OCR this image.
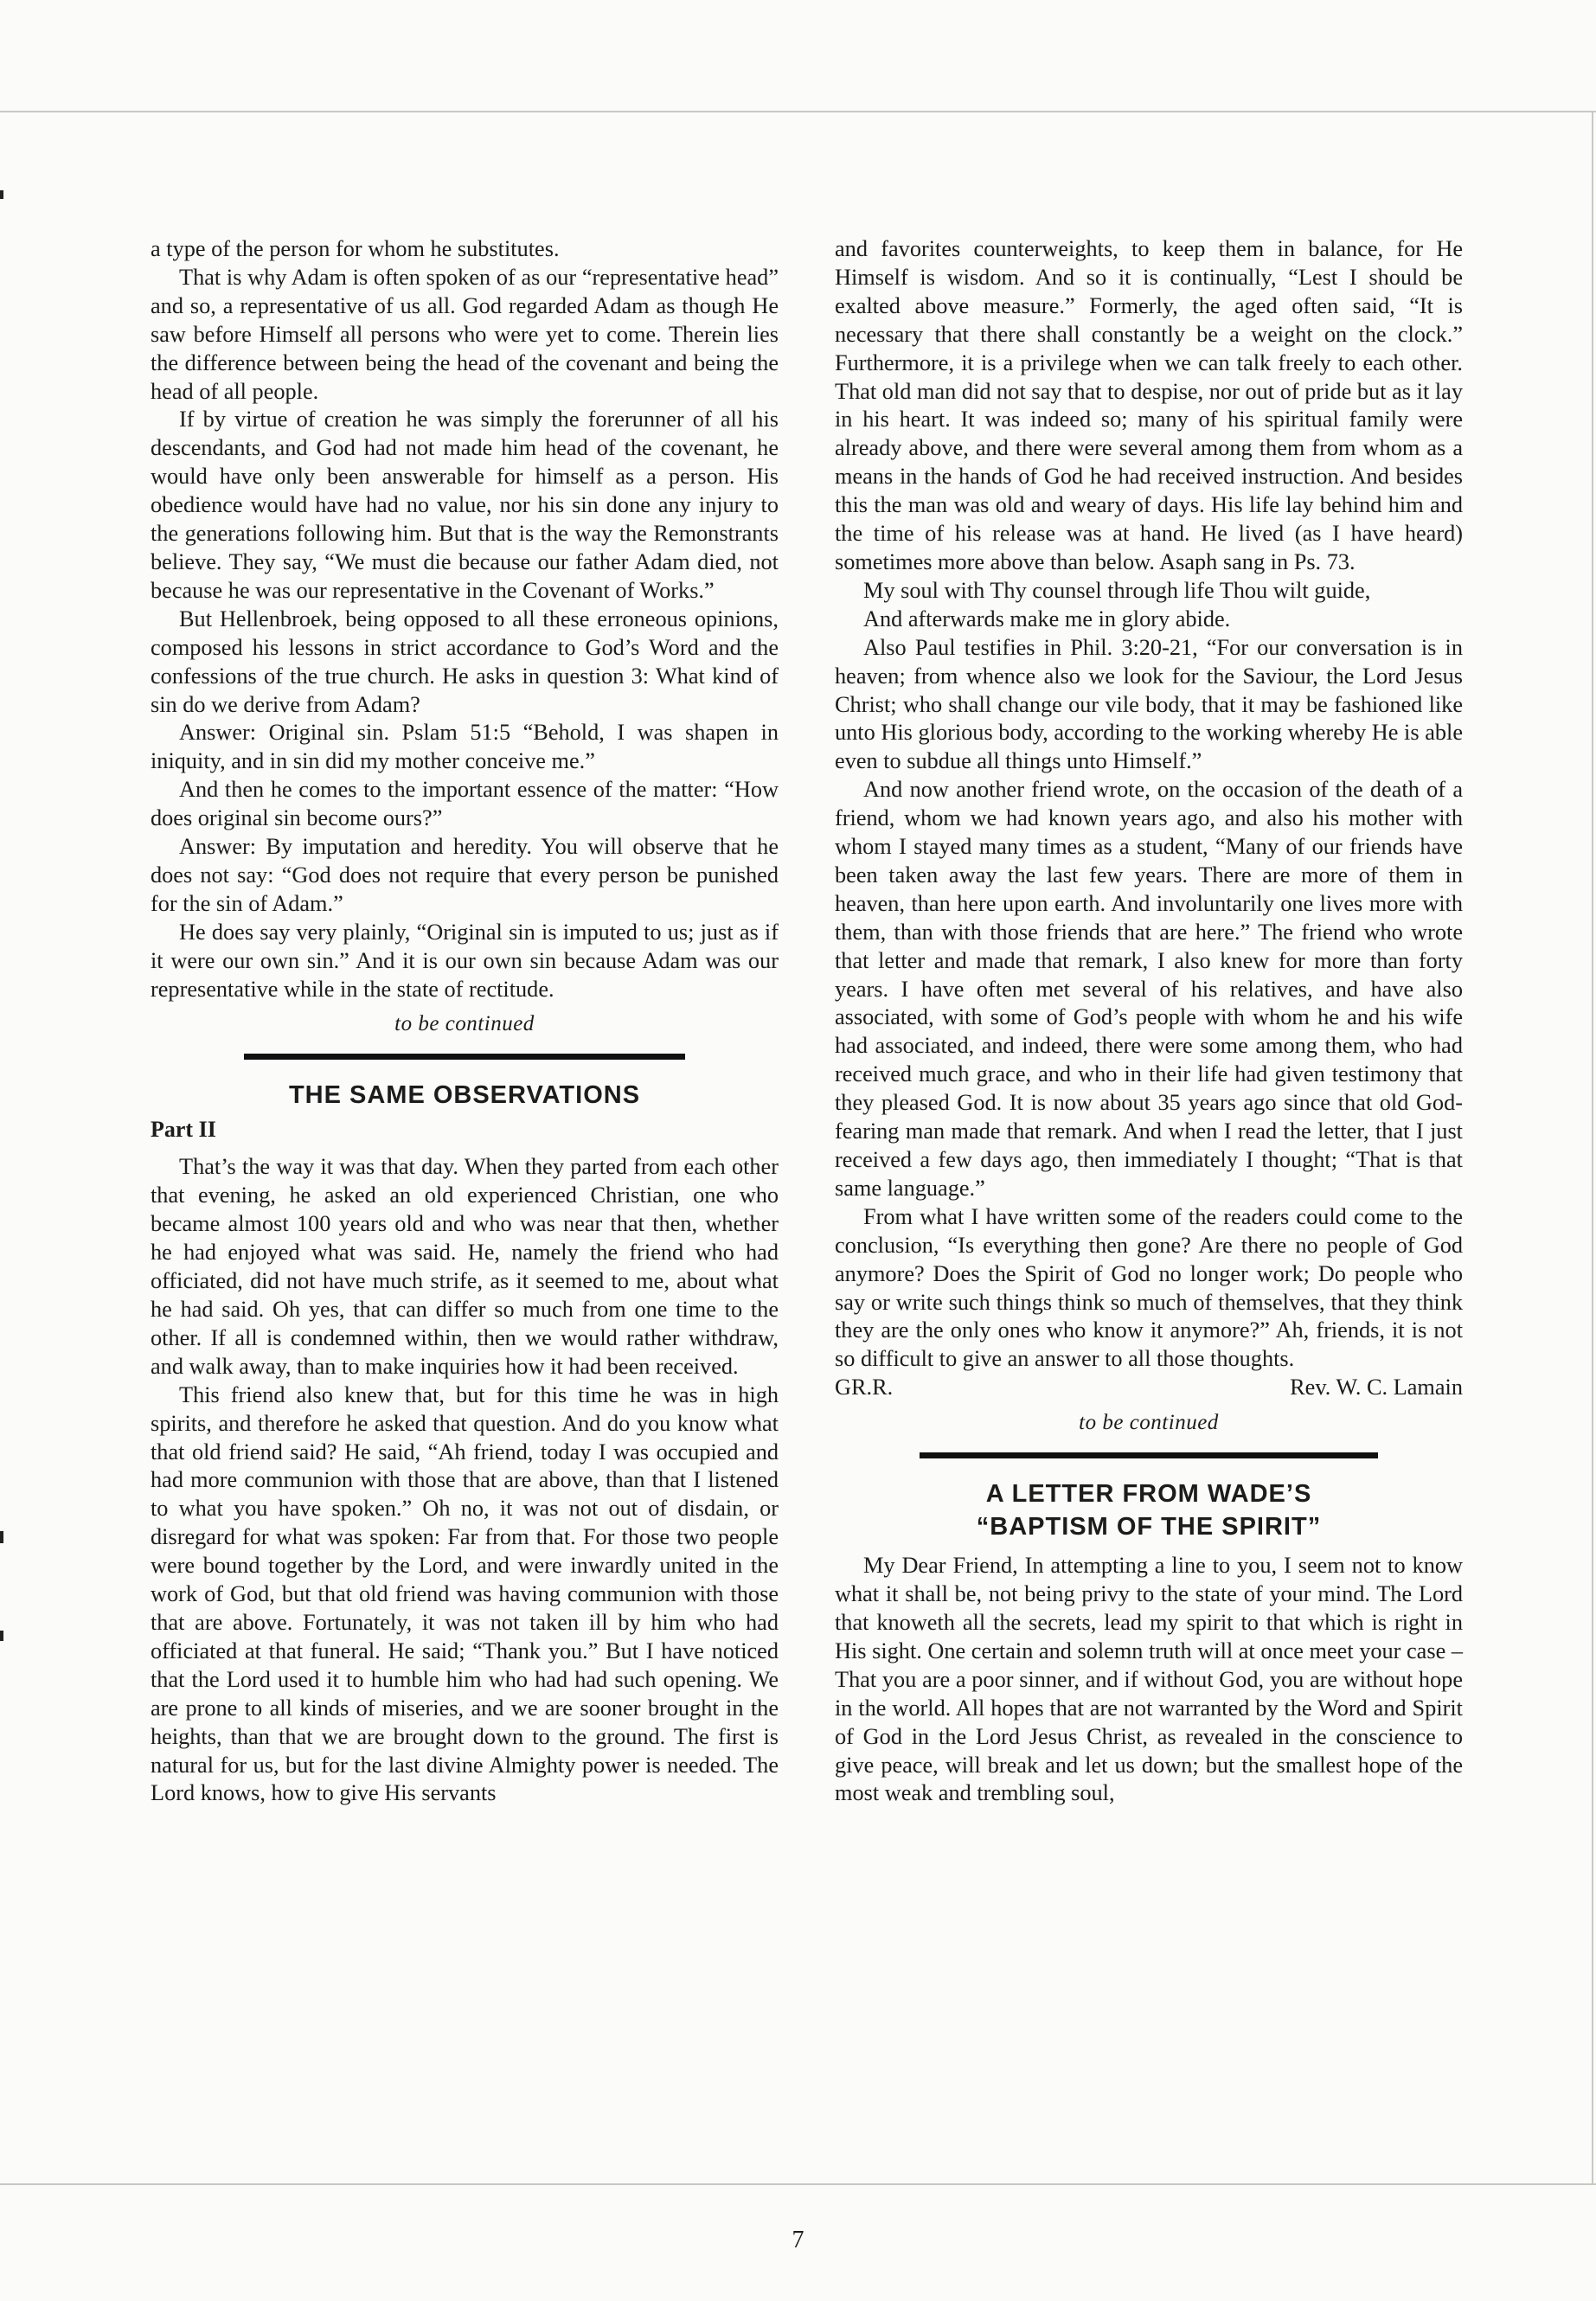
a type of the person for whom he substitutes.

That is why Adam is often spoken of as our “representative head” and so, a representative of us all. God regarded Adam as though He saw before Himself all persons who were yet to come. Therein lies the difference between being the head of the covenant and being the head of all people.

If by virtue of creation he was simply the forerunner of all his descendants, and God had not made him head of the covenant, he would have only been answerable for himself as a person. His obedience would have had no value, nor his sin done any injury to the generations following him. But that is the way the Remonstrants believe. They say, “We must die because our father Adam died, not because he was our representative in the Covenant of Works.”

But Hellenbroek, being opposed to all these erroneous opinions, composed his lessons in strict accordance to God’s Word and the confessions of the true church. He asks in question 3: What kind of sin do we derive from Adam?

Answer: Original sin. Pslam 51:5 “Behold, I was shapen in iniquity, and in sin did my mother conceive me.”

And then he comes to the important essence of the matter: “How does original sin become ours?”

Answer: By imputation and heredity. You will observe that he does not say: “God does not require that every person be punished for the sin of Adam.”

He does say very plainly, “Original sin is imputed to us; just as if it were our own sin.” And it is our own sin because Adam was our representative while in the state of rectitude.

to be continued
THE SAME OBSERVATIONS
Part II

That’s the way it was that day. When they parted from each other that evening, he asked an old experienced Christian, one who became almost 100 years old and who was near that then, whether he had enjoyed what was said. He, namely the friend who had officiated, did not have much strife, as it seemed to me, about what he had said. Oh yes, that can differ so much from one time to the other. If all is condemned within, then we would rather withdraw, and walk away, than to make inquiries how it had been received.

This friend also knew that, but for this time he was in high spirits, and therefore he asked that question. And do you know what that old friend said? He said, “Ah friend, today I was occupied and had more communion with those that are above, than that I listened to what you have spoken.” Oh no, it was not out of disdain, or disregard for what was spoken: Far from that. For those two people were bound together by the Lord, and were inwardly united in the work of God, but that old friend was having communion with those that are above. Fortunately, it was not taken ill by him who had officiated at that funeral. He said; “Thank you.” But I have noticed that the Lord used it to humble him who had had such opening. We are prone to all kinds of miseries, and we are sooner brought in the heights, than that we are brought down to the ground. The first is natural for us, but for the last divine Almighty power is needed. The Lord knows, how to give His servants

and favorites counterweights, to keep them in balance, for He Himself is wisdom. And so it is continually, “Lest I should be exalted above measure.” Formerly, the aged often said, “It is necessary that there shall constantly be a weight on the clock.” Furthermore, it is a privilege when we can talk freely to each other. That old man did not say that to despise, nor out of pride but as it lay in his heart. It was indeed so; many of his spiritual family were already above, and there were several among them from whom as a means in the hands of God he had received instruction. And besides this the man was old and weary of days. His life lay behind him and the time of his release was at hand. He lived (as I have heard) sometimes more above than below. Asaph sang in Ps. 73.

My soul with Thy counsel through life Thou wilt guide,

And afterwards make me in glory abide.

Also Paul testifies in Phil. 3:20-21, “For our conversation is in heaven; from whence also we look for the Saviour, the Lord Jesus Christ; who shall change our vile body, that it may be fashioned like unto His glorious body, according to the working whereby He is able even to subdue all things unto Himself.”

And now another friend wrote, on the occasion of the death of a friend, whom we had known years ago, and also his mother with whom I stayed many times as a student, “Many of our friends have been taken away the last few years. There are more of them in heaven, than here upon earth. And involuntarily one lives more with them, than with those friends that are here.” The friend who wrote that letter and made that remark, I also knew for more than forty years. I have often met several of his relatives, and have also associated, with some of God’s people with whom he and his wife had associated, and indeed, there were some among them, who had received much grace, and who in their life had given testimony that they pleased God. It is now about 35 years ago since that old God-fearing man made that remark. And when I read the letter, that I just received a few days ago, then immediately I thought; “That is that same language.”

From what I have written some of the readers could come to the conclusion, “Is everything then gone? Are there no people of God anymore? Does the Spirit of God no longer work; Do people who say or write such things think so much of themselves, that they think they are the only ones who know it anymore?” Ah, friends, it is not so difficult to give an answer to all those thoughts.

GR.R.	Rev. W. C. Lamain
to be continued
A LETTER FROM WADE’S
“BAPTISM OF THE SPIRIT”

My Dear Friend, In attempting a line to you, I seem not to know what it shall be, not being privy to the state of your mind. The Lord that knoweth all the secrets, lead my spirit to that which is right in His sight. One certain and solemn truth will at once meet your case – That you are a poor sinner, and if without God, you are without hope in the world. All hopes that are not warranted by the Word and Spirit of God in the Lord Jesus Christ, as revealed in the conscience to give peace, will break and let us down; but the smallest hope of the most weak and trembling soul,

7
